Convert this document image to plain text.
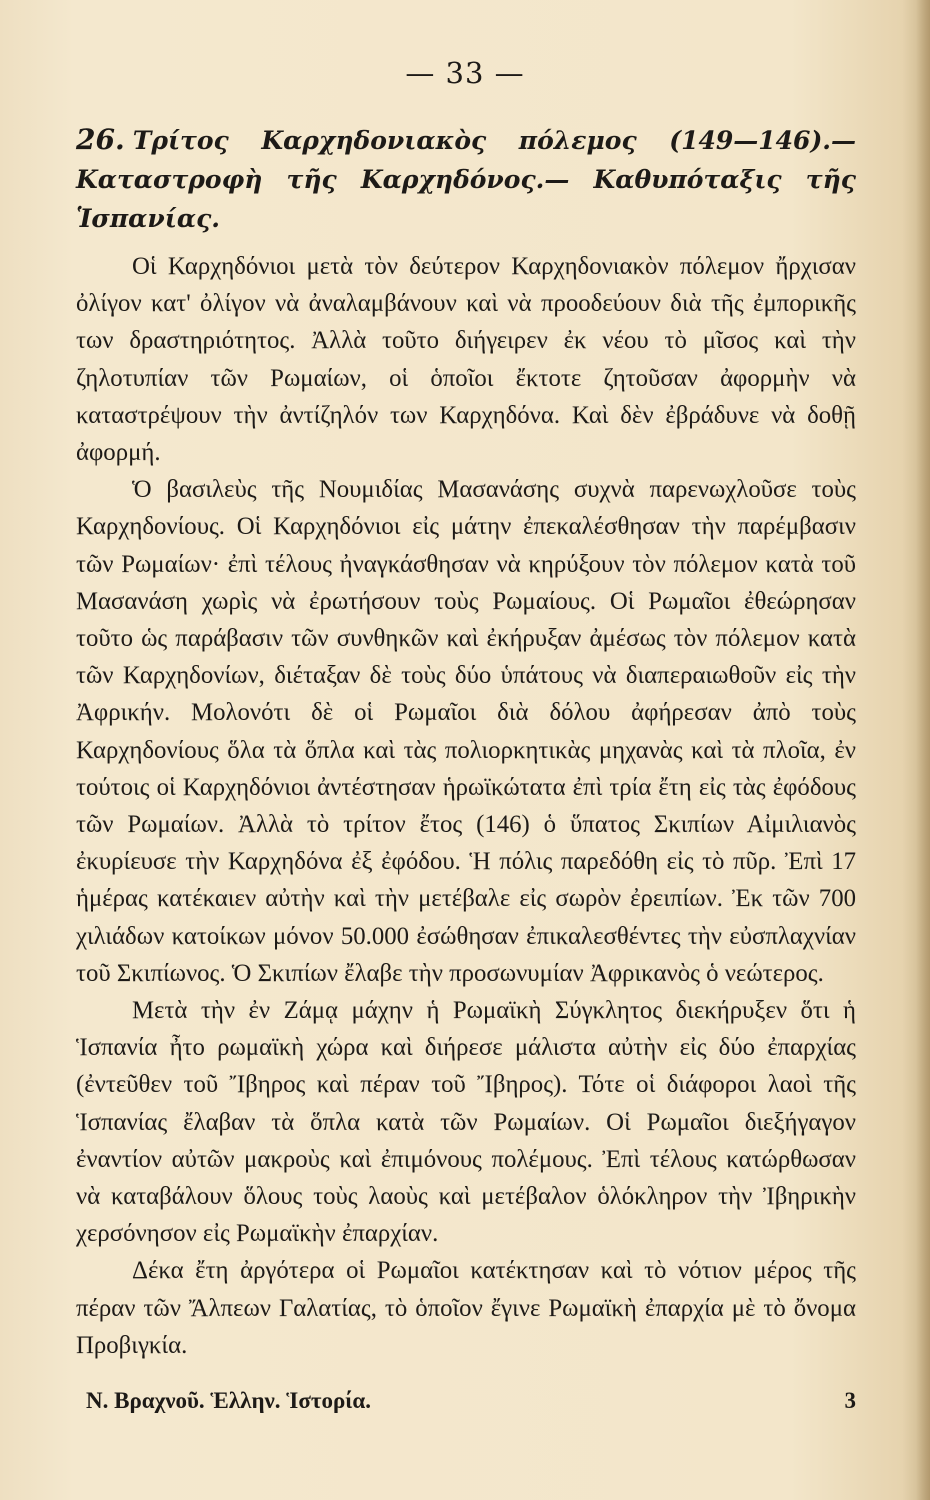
— 33 —

26. Τρίτος Καρχηδονιακὸς πόλεμος (149—146).—Καταστροφὴ τῆς Καρχηδόνος.— Καθυπόταξις τῆς Ἱσπανίας.

Οἱ Καρχηδόνιοι μετὰ τὸν δεύτερον Καρχηδονιακὸν πόλεμον ἤρχισαν ὀλίγον κατ' ὀλίγον νὰ ἀναλαμβάνουν καὶ νὰ προοδεύουν διὰ τῆς ἐμπορικῆς των δραστηριότητος. Ἀλλὰ τοῦτο διήγειρεν ἐκ νέου τὸ μῖσος καὶ τὴν ζηλοτυπίαν τῶν Ρωμαίων, οἱ ὁποῖοι ἔκτοτε ζητοῦσαν ἀφορμὴν νὰ καταστρέψουν τὴν ἀντίζηλόν των Καρχηδόνα. Καὶ δὲν ἐβράδυνε νὰ δοθῇ ἀφορμή.

Ὁ βασιλεὺς τῆς Νουμιδίας Μασανάσης συχνὰ παρενωχλοῦσε τοὺς Καρχηδονίους. Οἱ Καρχηδόνιοι εἰς μάτην ἐπεκαλέσθησαν τὴν παρέμβασιν τῶν Ρωμαίων· ἐπὶ τέλους ἠναγκάσθησαν νὰ κηρύξουν τὸν πόλεμον κατὰ τοῦ Μασανάση χωρὶς νὰ ἐρωτήσουν τοὺς Ρωμαίους. Οἱ Ρωμαῖοι ἐθεώρησαν τοῦτο ὡς παράβασιν τῶν συνθηκῶν καὶ ἐκήρυξαν ἀμέσως τὸν πόλεμον κατὰ τῶν Καρχηδονίων, διέταξαν δὲ τοὺς δύο ὑπάτους νὰ διαπεραιωθοῦν εἰς τὴν Ἀφρικήν. Μολονότι δὲ οἱ Ρωμαῖοι διὰ δόλου ἀφήρεσαν ἀπὸ τοὺς Καρχηδονίους ὅλα τὰ ὅπλα καὶ τὰς πολιορκητικὰς μηχανὰς καὶ τὰ πλοῖα, ἐν τούτοις οἱ Καρχηδόνιοι ἀντέστησαν ἡρωϊκώτατα ἐπὶ τρία ἔτη εἰς τὰς ἐφόδους τῶν Ρωμαίων. Ἀλλὰ τὸ τρίτον ἔτος (146) ὁ ὕπατος Σκιπίων Αἰμιλιανὸς ἐκυρίευσε τὴν Καρχηδόνα ἐξ ἐφόδου. Ἡ πόλις παρεδόθη εἰς τὸ πῦρ. Ἐπὶ 17 ἡμέρας κατέκαιεν αὐτὴν καὶ τὴν μετέβαλε εἰς σωρὸν ἐρειπίων. Ἐκ τῶν 700 χιλιάδων κατοίκων μόνον 50.000 ἐσώθησαν ἐπικαλεσθέντες τὴν εὐσπλαχνίαν τοῦ Σκιπίωνος. Ὁ Σκιπίων ἔλαβε τὴν προσωνυμίαν Ἀφρικανὸς ὁ νεώτερος.

Μετὰ τὴν ἐν Ζάμᾳ μάχην ἡ Ρωμαϊκὴ Σύγκλητος διεκήρυξεν ὅτι ἡ Ἱσπανία ἦτο ρωμαϊκὴ χώρα καὶ διήρεσε μάλιστα αὐτὴν εἰς δύο ἐπαρχίας (ἐντεῦθεν τοῦ Ἴβηρος καὶ πέραν τοῦ Ἴβηρος). Τότε οἱ διάφοροι λαοὶ τῆς Ἱσπανίας ἔλαβαν τὰ ὅπλα κατὰ τῶν Ρωμαίων. Οἱ Ρωμαῖοι διεξήγαγον ἐναντίον αὐτῶν μακροὺς καὶ ἐπιμόνους πολέμους. Ἐπὶ τέλους κατώρθωσαν νὰ καταβάλουν ὅλους τοὺς λαοὺς καὶ μετέβαλον ὁλόκληρον τὴν Ἰβηρικὴν χερσόνησον εἰς Ρωμαϊκὴν ἐπαρχίαν.

Δέκα ἔτη ἀργότερα οἱ Ρωμαῖοι κατέκτησαν καὶ τὸ νότιον μέρος τῆς πέραν τῶν Ἄλπεων Γαλατίας, τὸ ὁποῖον ἔγινε Ρωμαϊκὴ ἐπαρχία μὲ τὸ ὄνομα Προβιγκία.

Ν. Βραχνοῦ. Ἑλλην. Ἱστορία.	3
